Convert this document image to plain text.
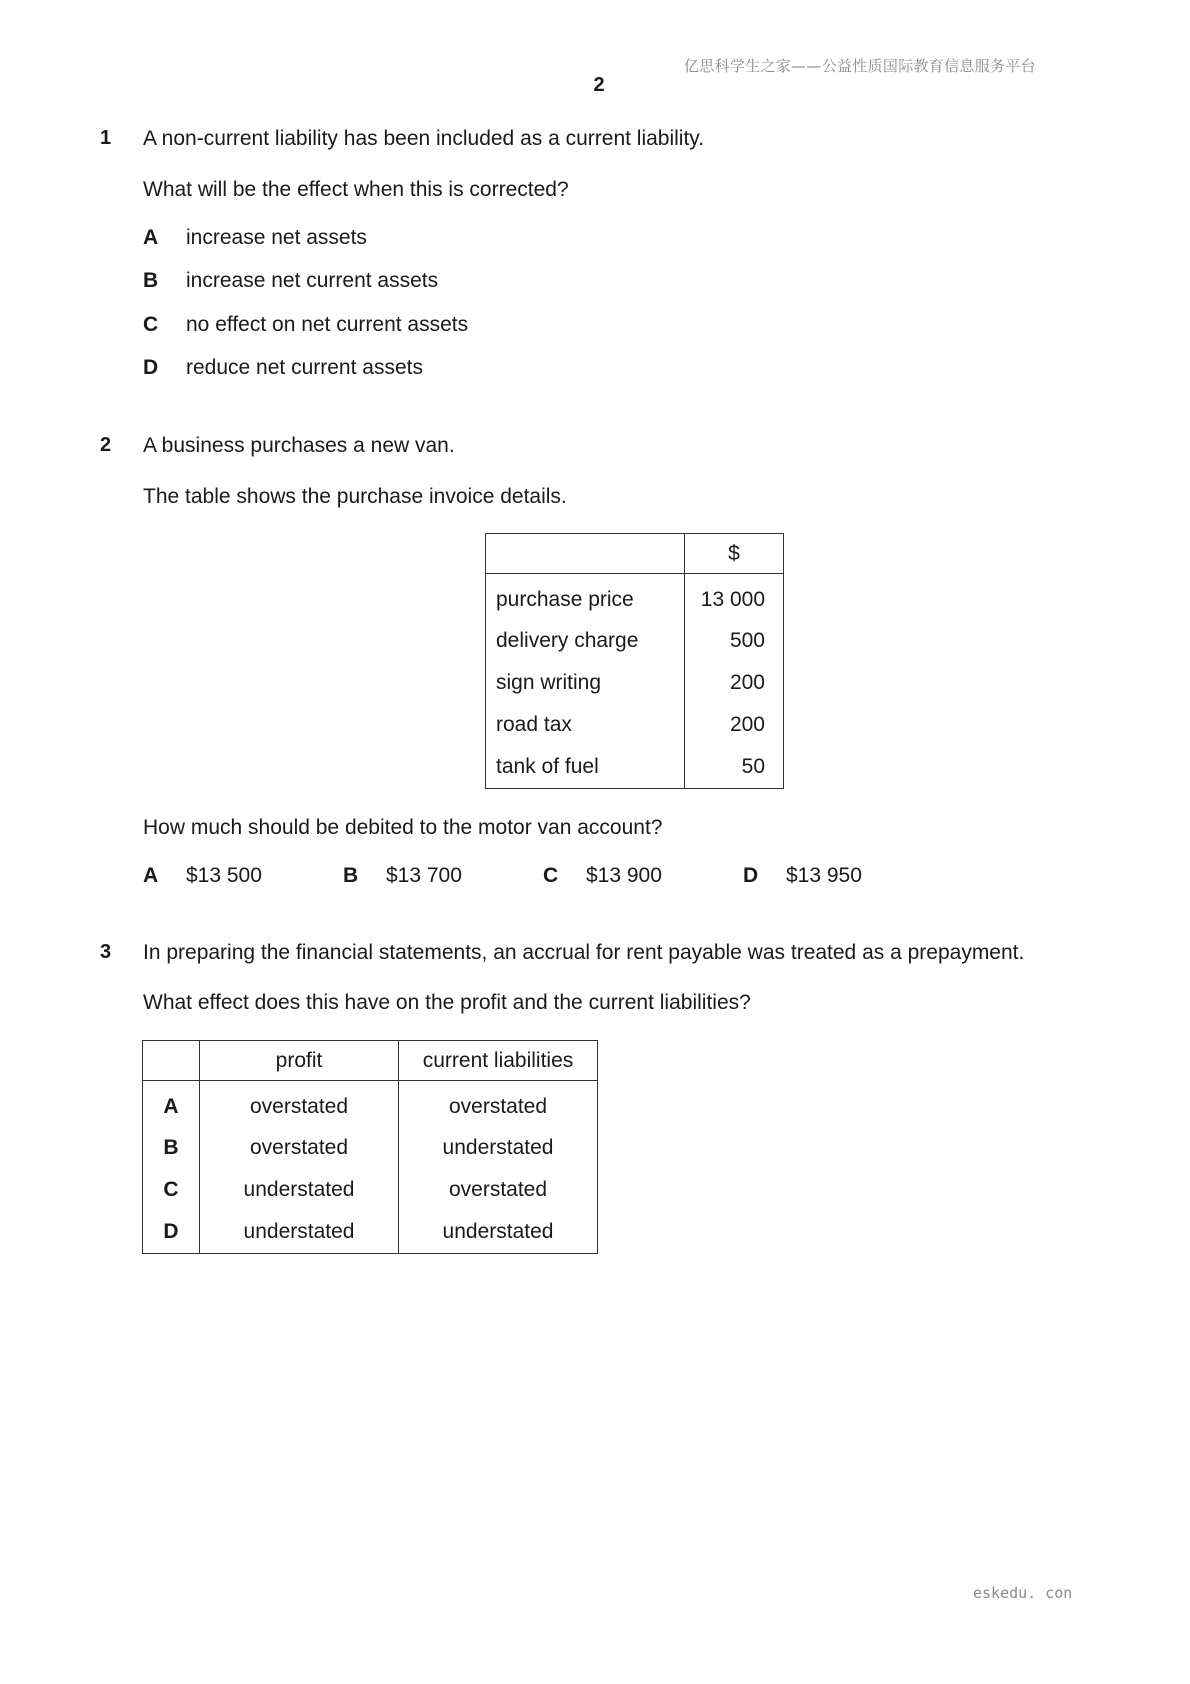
亿思科学生之家——公益性质国际教育信息服务平台
2
1 A non-current liability has been included as a current liability.
What will be the effect when this is corrected?
A increase net assets
B increase net current assets
C no effect on net current assets
D reduce net current assets
2 A business purchases a new van.
The table shows the purchase invoice details.
	$
purchase price	13 000
delivery charge	500
sign writing	200
road tax	200
tank of fuel	50
How much should be debited to the motor van account?
A $13 500	B $13 700	C $13 900	D $13 950
3 In preparing the financial statements, an accrual for rent payable was treated as a prepayment.
What effect does this have on the profit and the current liabilities?
	profit	current liabilities
A	overstated	overstated
B	overstated	understated
C	understated	overstated
D	understated	understated
eskedu. con
